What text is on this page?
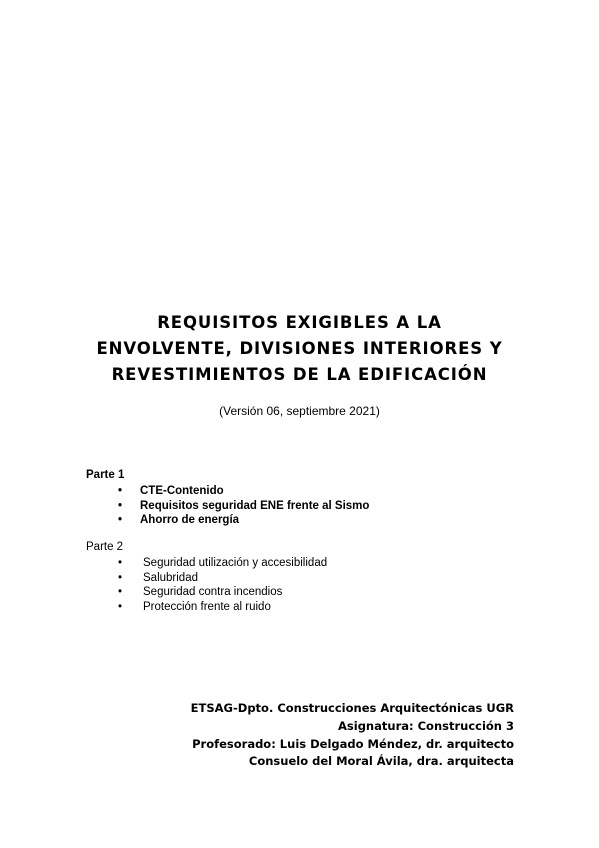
REQUISITOS EXIGIBLES A LA
ENVOLVENTE, DIVISIONES INTERIORES Y
REVESTIMIENTOS DE LA EDIFICACIÓN
(Versión 06, septiembre 2021)
Parte 1
• CTE-Contenido
• Requisitos seguridad ENE frente al Sismo
• Ahorro de energía
Parte 2
• Seguridad utilización y accesibilidad
• Salubridad
• Seguridad contra incendios
• Protección frente al ruido
ETSAG-Dpto. Construcciones Arquitectónicas UGR
Asignatura: Construcción 3
Profesorado: Luis Delgado Méndez, dr. arquitecto
Consuelo del Moral Ávila, dra. arquitecta
